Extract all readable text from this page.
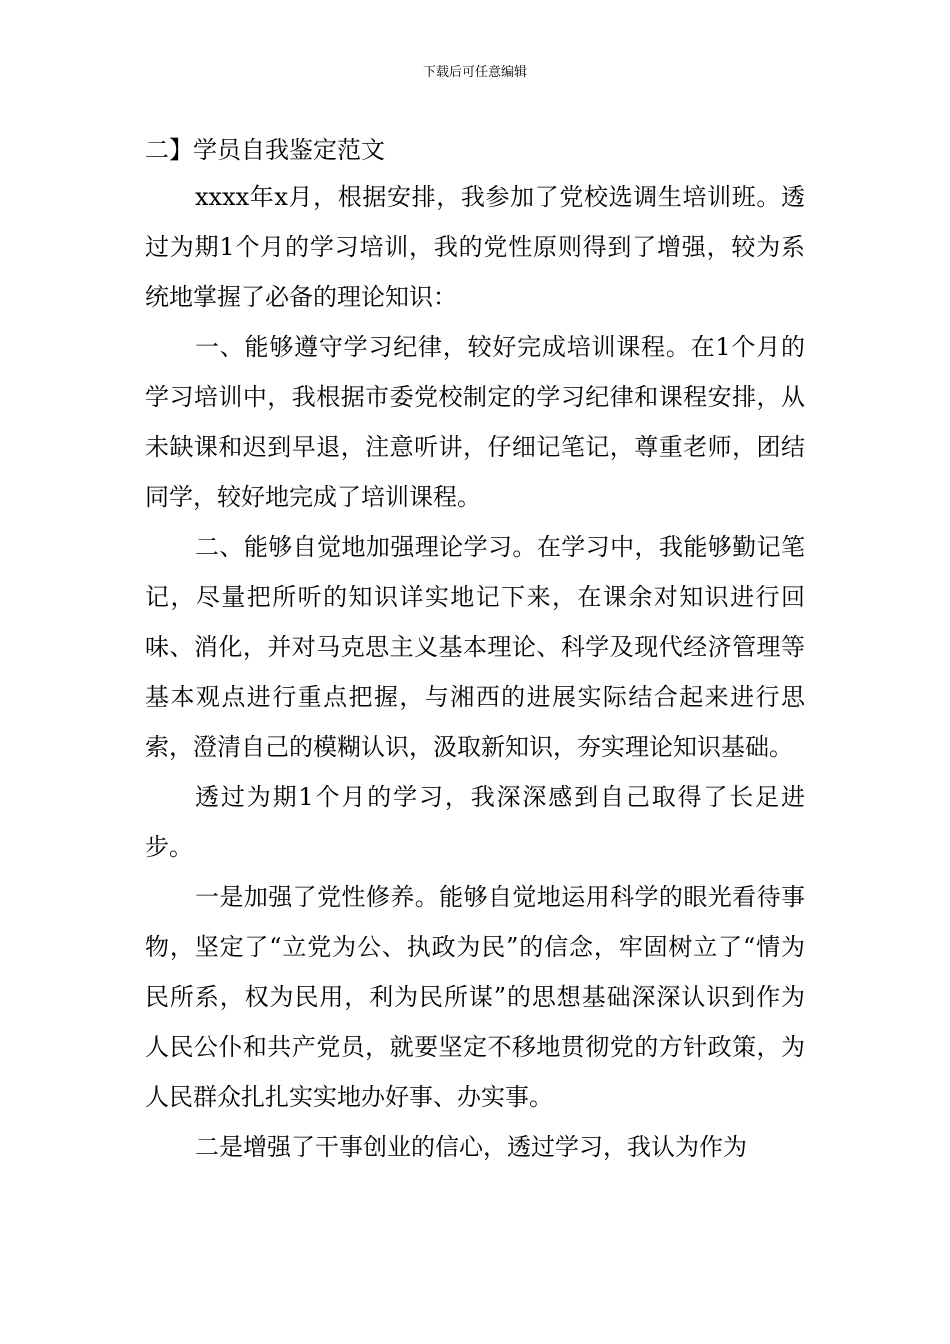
下载后可任意编辑
二】学员自我鉴定范文

xxxx年x月，根据安排，我参加了党校选调生培训班。透过为期1个月的学习培训，我的党性原则得到了增强，较为系统地掌握了必备的理论知识：

一、能够遵守学习纪律，较好完成培训课程。在1个月的学习培训中，我根据市委党校制定的学习纪律和课程安排，从未缺课和迟到早退，注意听讲，仔细记笔记，尊重老师，团结同学，较好地完成了培训课程。

二、能够自觉地加强理论学习。在学习中，我能够勤记笔记，尽量把所听的知识详实地记下来，在课余对知识进行回味、消化，并对马克思主义基本理论、科学及现代经济管理等基本观点进行重点把握，与湘西的进展实际结合起来进行思索，澄清自己的模糊认识，汲取新知识，夯实理论知识基础。

透过为期1个月的学习，我深深感到自己取得了长足进步。

一是加强了党性修养。能够自觉地运用科学的眼光看待事物，坚定了“立党为公、执政为民”的信念，牢固树立了“情为民所系，权为民用，利为民所谋”的思想基础深深认识到作为人民公仆和共产党员，就要坚定不移地贯彻党的方针政策，为人民群众扎扎实实地办好事、办实事。

二是增强了干事创业的信心，透过学习，我认为作为
